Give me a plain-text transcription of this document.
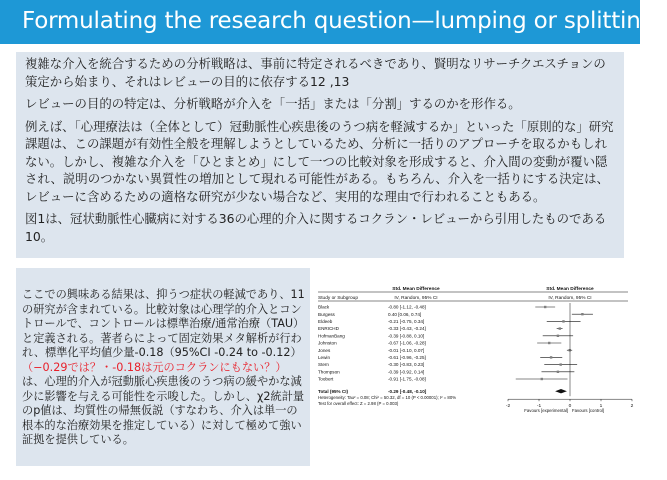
Formulating the research question—lumping or splitting?

複雑な介入を統合するための分析戦略は、事前に特定されるべきであり、賢明なリサーチクエスチョンの策定から始まり、それはレビューの目的に依存する12 ,13

レビューの目的の特定は、分析戦略が介入を「一括」または「分割」するのかを形作る。

例えば、「心理療法は（全体として）冠動脈性心疾患後のうつ病を軽減するか」といった「原則的な」研究課題は、この課題が有効性全般を理解しようとしているため、分析に一括りのアプローチを取るかもしれない。しかし、複雑な介入を「ひとまとめ」にして一つの比較対象を形成すると、介入間の変動が覆い隠され、説明のつかない異質性の増加として現れる可能性がある。もちろん、介入を一括りにする決定は、レビューに含めるための適格な研究が少ない場合など、実用的な理由で行われることもある。

図1は、冠状動脈性心臓病に対する36の心理的介入に関するコクラン・レビューから引用したものである10。

ここでの興味ある結果は、抑うつ症状の軽減であり、11の研究が含まれている。比較対象は心理学的介入とコントロールで、コントロールは標準治療/通常治療（TAU）と定義される。著者らによって固定効果メタ解析が行われ、標準化平均値少量-0.18（95%CI -0.24 to -0.12）（−0.29では？・-0.18は元のコクランにもない？）は、心理的介入が冠動脈心疾患後のうつ病の緩やかな減少に影響を与える可能性を示唆した。しかし、χ2統計量のp値は、均質性の帰無仮説（すなわち、介入は単一の根本的な治療効果を推定している）に対して極めて強い証拠を提供している。

Study or Subgroup
Std. Mean Difference
IV, Random, 95% CI
Std. Mean Difference
IV, Random, 95% CI
Black	-0.80 [-1.12, -0.48]
Burgess	0.40 [0.06, 0.74]
Eldeeb	-0.21 [-0.75, 0.34]
ENRICHD	-0.33 [-0.43, -0.24]
HofmanBang	-0.39 [-0.88, 0.10]
Johnston	-0.67 [-1.06, -0.28]
Jones	-0.01 [-0.10, 0.07]
Lewin	-0.61 [-0.96, -0.25]
Stern	-0.30 [-0.83, 0.23]
Thompson	-0.39 [-0.92, 0.14]
Toobert	-0.91 [-1.75, -0.08]
Total (95% CI)	-0.29 [-0.48, -0.10]
Heterogeneity: Tau² = 0.08; Chi² = 50.32, df = 10 (P < 0.00001); I² = 80%
Test for overall effect: Z = 2.98 (P = 0.003)
-2	-1	0	1	2
Favours [experimental] Favours [control]
